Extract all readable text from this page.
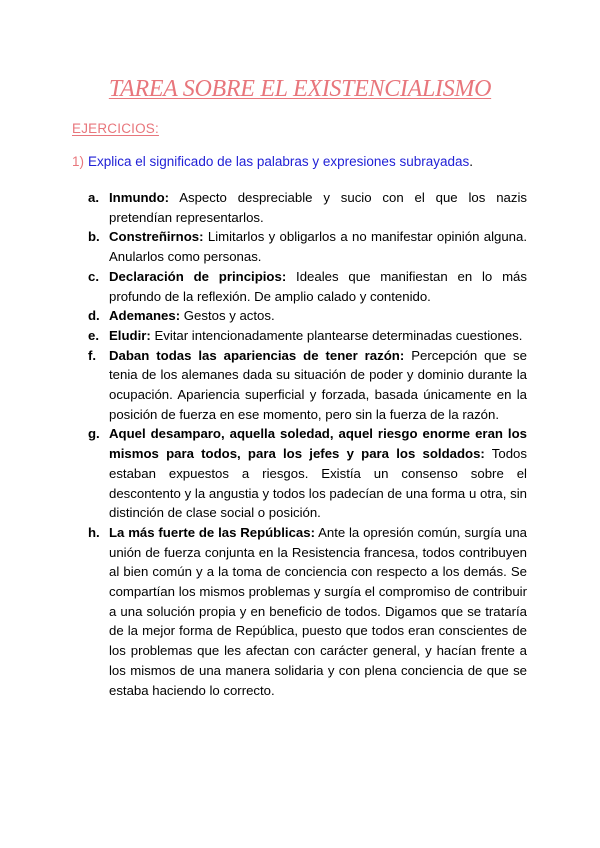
TAREA SOBRE EL EXISTENCIALISMO
EJERCICIOS:
1) Explica el significado de las palabras y expresiones subrayadas.
a. Inmundo: Aspecto despreciable y sucio con el que los nazis pretendían representarlos.
b. Constreñirnos: Limitarlos y obligarlos a no manifestar opinión alguna. Anularlos como personas.
c. Declaración de principios: Ideales que manifiestan en lo más profundo de la reflexión. De amplio calado y contenido.
d. Ademanes: Gestos y actos.
e. Eludir: Evitar intencionadamente plantearse determinadas cuestiones.
f. Daban todas las apariencias de tener razón: Percepción que se tenia de los alemanes dada su situación de poder y dominio durante la ocupación. Apariencia superficial y forzada, basada únicamente en la posición de fuerza en ese momento, pero sin la fuerza de la razón.
g. Aquel desamparo, aquella soledad, aquel riesgo enorme eran los mismos para todos, para los jefes y para los soldados: Todos estaban expuestos a riesgos. Existía un consenso sobre el descontento y la angustia y todos los padecían de una forma u otra, sin distinción de clase social o posición.
h. La más fuerte de las Repúblicas: Ante la opresión común, surgía una unión de fuerza conjunta en la Resistencia francesa, todos contribuyen al bien común y a la toma de conciencia con respecto a los demás. Se compartían los mismos problemas y surgía el compromiso de contribuir a una solución propia y en beneficio de todos. Digamos que se trataría de la mejor forma de República, puesto que todos eran conscientes de los problemas que les afectan con carácter general, y hacían frente a los mismos de una manera solidaria y con plena conciencia de que se estaba haciendo lo correcto.
